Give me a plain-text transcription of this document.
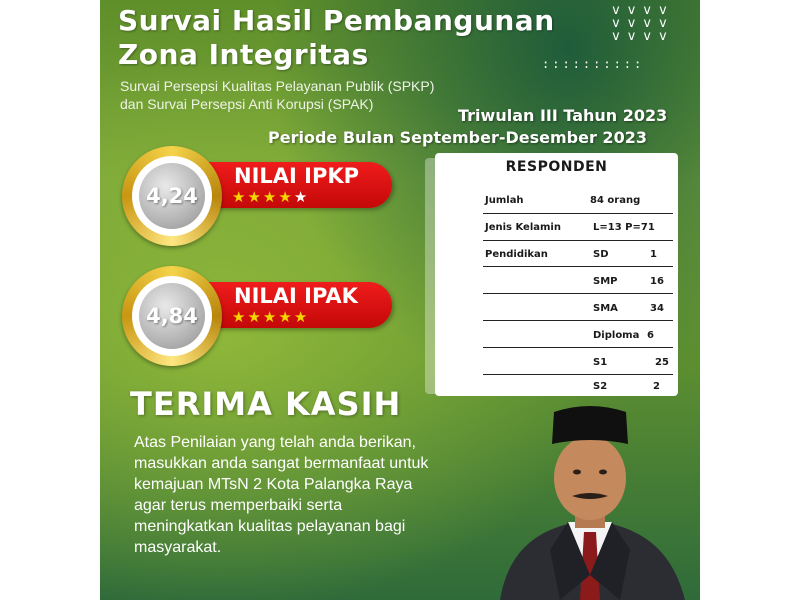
v v v v
v v v v
v v v v
::::::::::
Survai Hasil Pembangunan
Zona Integritas
Survai Persepsi Kualitas Pelayanan Publik (SPKP)
dan Survai Persepsi Anti Korupsi (SPAK)
Triwulan III Tahun 2023
Periode Bulan September-Desember 2023
NILAI IPKP
★★★★★
4,24
NILAI IPAK
★★★★★
4,84
RESPONDEN
Jumlah	84 orang
Jenis Kelamin	L=13 P=71
Pendidikan	SD	1
SMP	16
SMA	34
Diploma 6
S1	25
S2	2
TERIMA KASIH
Atas Penilaian yang telah anda berikan, masukkan anda sangat bermanfaat untuk kemajuan MTsN 2 Kota Palangka Raya agar terus memperbaiki serta meningkatkan kualitas pelayanan bagi masyarakat.
